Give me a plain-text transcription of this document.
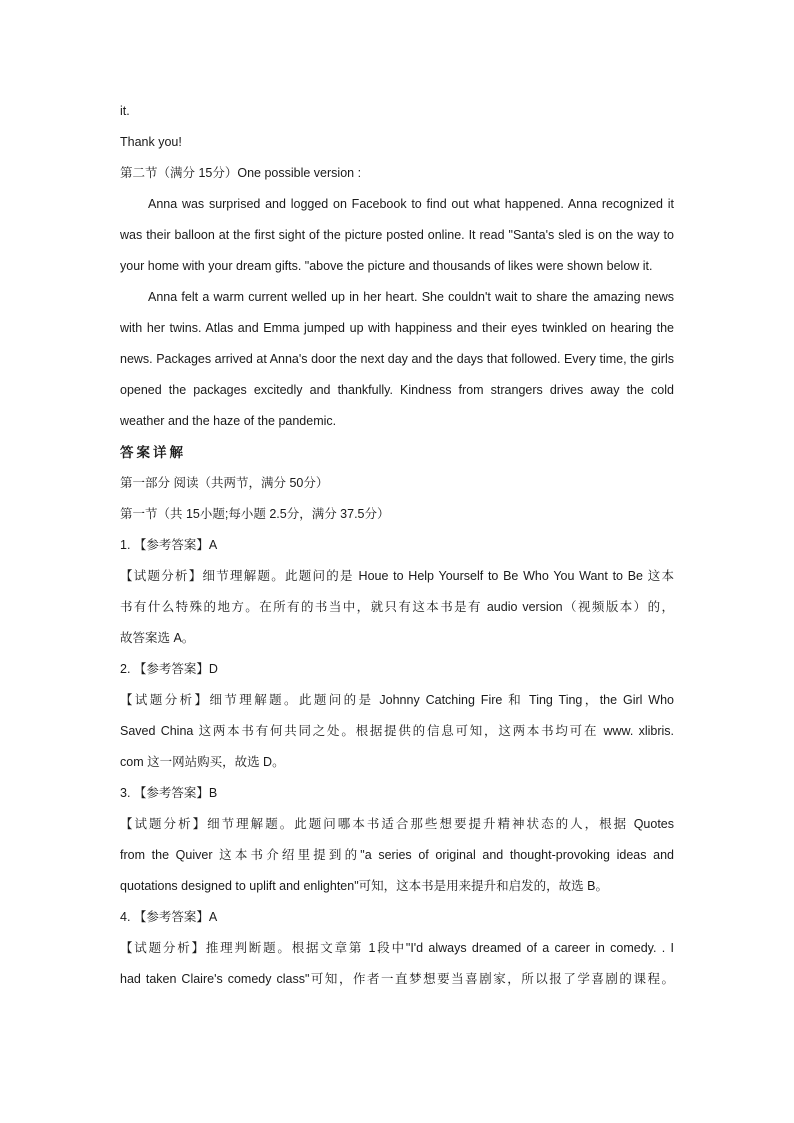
it.
Thank you!
第二节（满分 15分）One possible version :
Anna was surprised and logged on Facebook to find out what happened. Anna recognized it was their balloon at the first sight of the picture posted online. It read "Santa's sled is on the way to your home with your dream gifts. "above the picture and thousands of likes were shown below it.
Anna felt a warm current welled up in her heart. She couldn't wait to share the amazing news with her twins. Atlas and Emma jumped up with happiness and their eyes twinkled on hearing the news. Packages arrived at Anna's door the next day and the days that followed. Every time, the girls opened the packages excitedly and thankfully. Kindness from strangers drives away the cold weather and the haze of the pandemic.
答案详解
第一部分 阅读（共两节，满分 50分）
第一节（共 15小题;每小题 2.5分，满分 37.5分）
1. 【参考答案】A
【试题分析】细节理解题。此题问的是 Houe to Help Yourself to Be Who You Want to Be 这本
书有什么特殊的地方。在所有的书当中，就只有这本书是有 audio version（视频版本）的，
故答案选 A。
2. 【参考答案】D
【试题分析】细节理解题。此题问的是 Johnny Catching Fire 和 Ting Ting，the Girl Who
Saved China 这两本书有何共同之处。根据提供的信息可知，这两本书均可在 www. xlibris.
com 这一网站购买，故选 D。
3. 【参考答案】B
【试题分析】细节理解题。此题问哪本书适合那些想要提升精神状态的人，根据 Quotes
from the Quiver 这本书介绍里提到的"a series of original and thought-provoking ideas and
quotations designed to uplift and enlighten"可知，这本书是用来提升和启发的，故选 B。
4. 【参考答案】A
【试题分析】推理判断题。根据文章第 1段中"I'd always dreamed of a career in comedy. . I
had taken Claire's comedy class"可知，作者一直梦想要当喜剧家，所以报了学喜剧的课程。
